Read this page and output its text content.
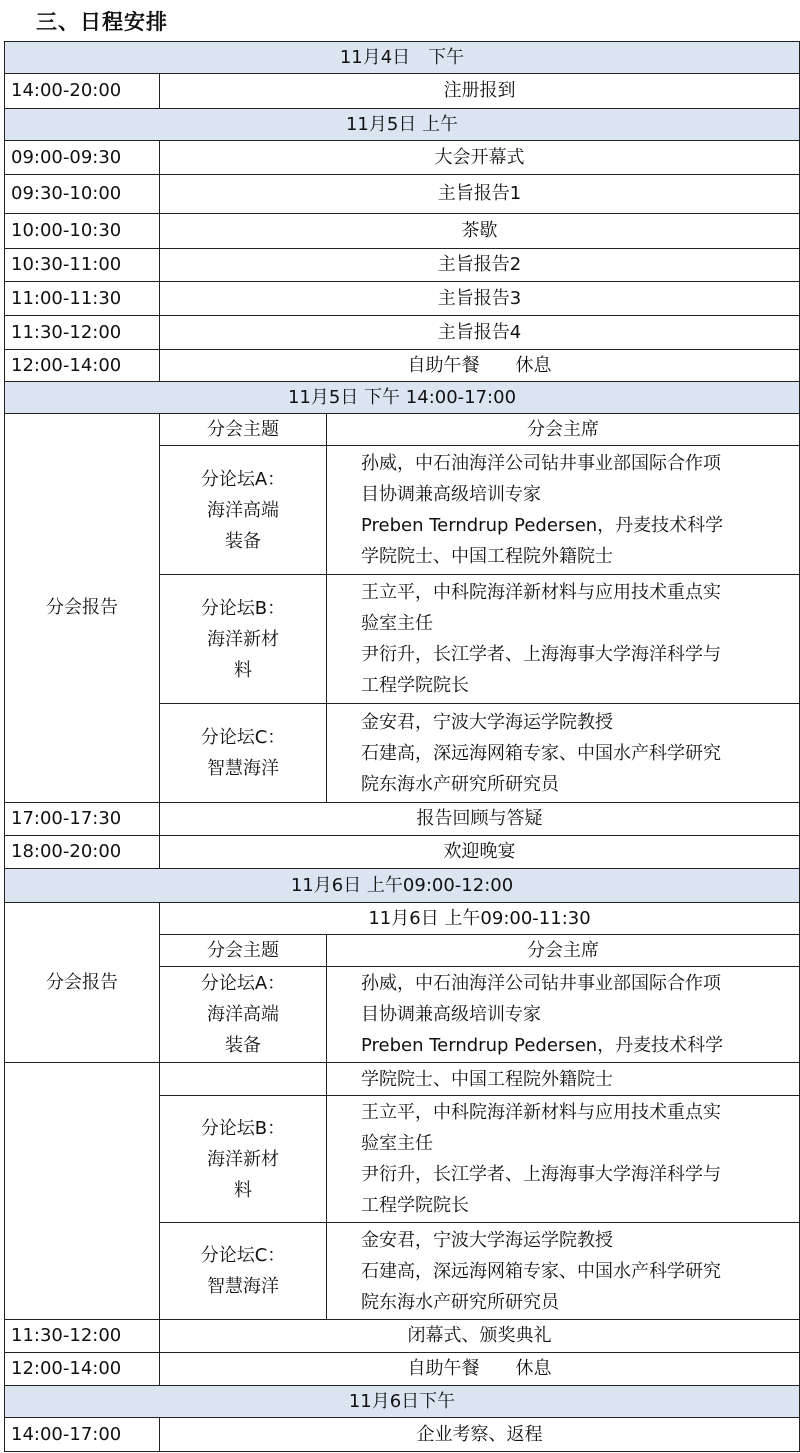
三、日程安排
11月4日　下午		
14:00-20:00	注册报到	
11月5日 上午		
09:00-09:30	大会开幕式	
09:30-10:00	主旨报告1	
10:00-10:30	茶歇	
10:30-11:00	主旨报告2	
11:00-11:30	主旨报告3	
11:30-12:00	主旨报告4	
12:00-14:00	自助午餐　　休息	
11月5日 下午 14:00-17:00		
分会报告	分会主题	分会主席

	分论坛A：
海洋高端
装备	孙威，中石油海洋公司钻井事业部国际合作项
目协调兼高级培训专家
Preben Terndrup Pedersen，丹麦技术科学
学院院士、中国工程院外籍院士

	分论坛B：
海洋新材
料	王立平，中科院海洋新材料与应用技术重点实
验室主任
尹衍升，长江学者、上海海事大学海洋科学与
工程学院院长

	分论坛C：
智慧海洋	金安君，宁波大学海运学院教授
石建高，深远海网箱专家、中国水产科学研究
院东海水产研究所研究员

17:00-17:30	报告回顾与答疑	
18:00-20:00	欢迎晚宴	
11月6日 上午09:00-12:00		
分会报告	11月6日 上午09:00-11:30	
	分会主题	分会主席

	分论坛A：
海洋高端
装备	孙威，中石油海洋公司钻井事业部国际合作项
目协调兼高级培训专家
Preben Terndrup Pedersen，丹麦技术科学
		学院院士、中国工程院外籍院士

	分论坛B：
海洋新材
料	王立平，中科院海洋新材料与应用技术重点实
验室主任
尹衍升，长江学者、上海海事大学海洋科学与
工程学院院长

	分论坛C：
智慧海洋	金安君，宁波大学海运学院教授
石建高，深远海网箱专家、中国水产科学研究
院东海水产研究所研究员

11:30-12:00	闭幕式、颁奖典礼	
12:00-14:00	自助午餐　　休息	
11月6日下午		
14:00-17:00	企业考察、返程	
